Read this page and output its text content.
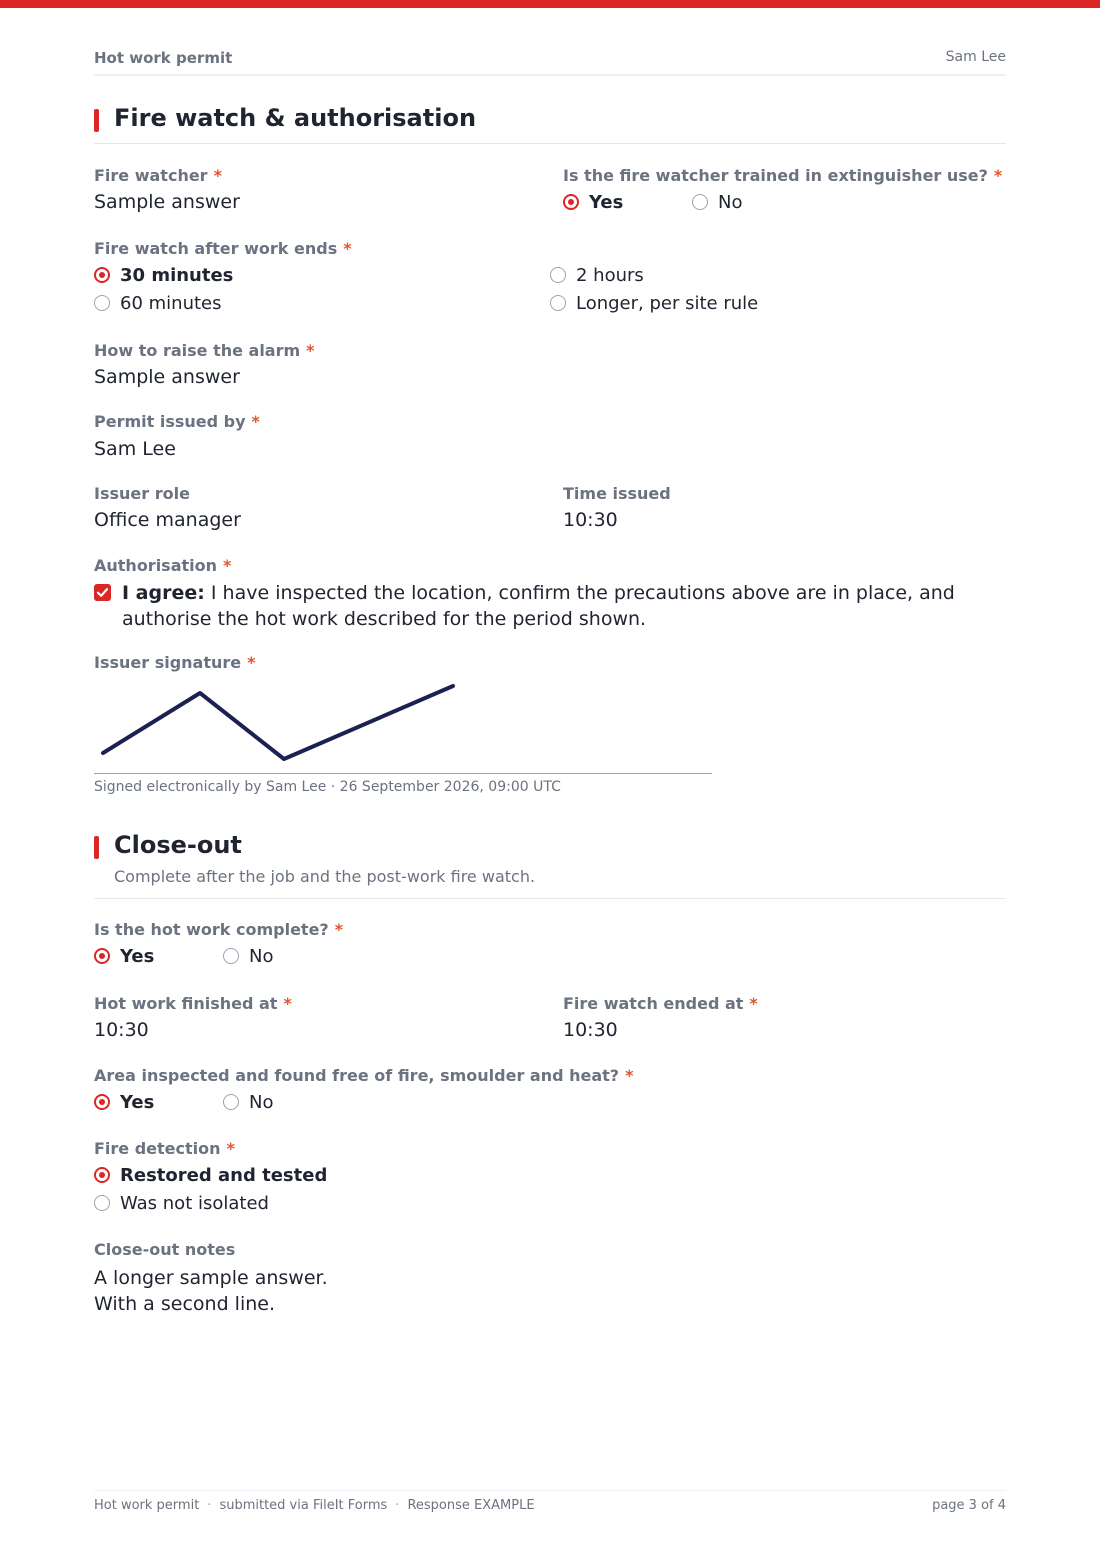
Hot work permit	Sam Lee
Fire watch & authorisation
Fire watcher *
Sample answer
Is the fire watcher trained in extinguisher use? *
Yes	No
Fire watch after work ends *
30 minutes	2 hours
60 minutes	Longer, per site rule
How to raise the alarm *
Sample answer
Permit issued by *
Sam Lee
Issuer role
Office manager
Time issued
10:30
Authorisation *
I agree: I have inspected the location, confirm the precautions above are in place, and authorise the hot work described for the period shown.
Issuer signature *
Signed electronically by Sam Lee · 26 September 2026, 09:00 UTC
Close-out
Complete after the job and the post-work fire watch.
Is the hot work complete? *
Yes	No
Hot work finished at *
10:30
Fire watch ended at *
10:30
Area inspected and found free of fire, smoulder and heat? *
Yes	No
Fire detection *
Restored and tested
Was not isolated
Close-out notes
A longer sample answer.
With a second line.
Hot work permit · submitted via FileIt Forms · Response EXAMPLE	page 3 of 4
